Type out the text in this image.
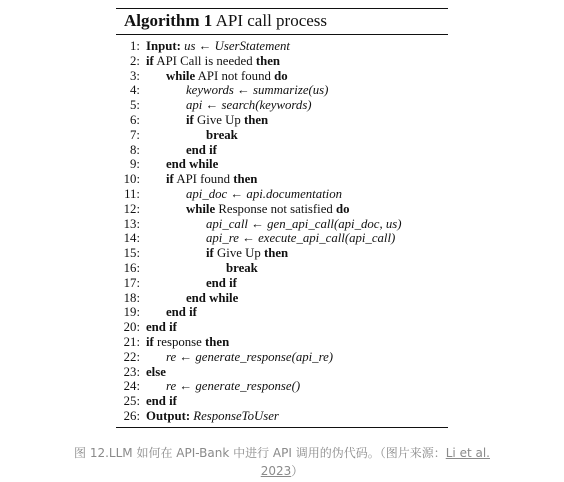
Algorithm 1 API call process
1: Input: us ← UserStatement
2: if API Call is needed then
3: while API not found do
4:	keywords ← summarize(us)
5:	api ← search(keywords)
6:	if Give Up then
7:	break
8:	end if
9: end while
10: if API found then
11:	api_doc ← api.documentation
12:	while Response not satisfied do
13:	api_call ← gen_api_call(api_doc, us)
14:	api_re ← execute_api_call(api_call)
15:	if Give Up then
16:	break
17:	end if
18:	end while
19: end if
20: end if
21: if response then
22: re ← generate_response(api_re)
23: else
24: re ← generate_response()
25: end if
26: Output: ResponseToUser
图 12.LLM 如何在 API-Bank 中进行 API 调用的伪代码。（图片来源：Li et al. 2023）
